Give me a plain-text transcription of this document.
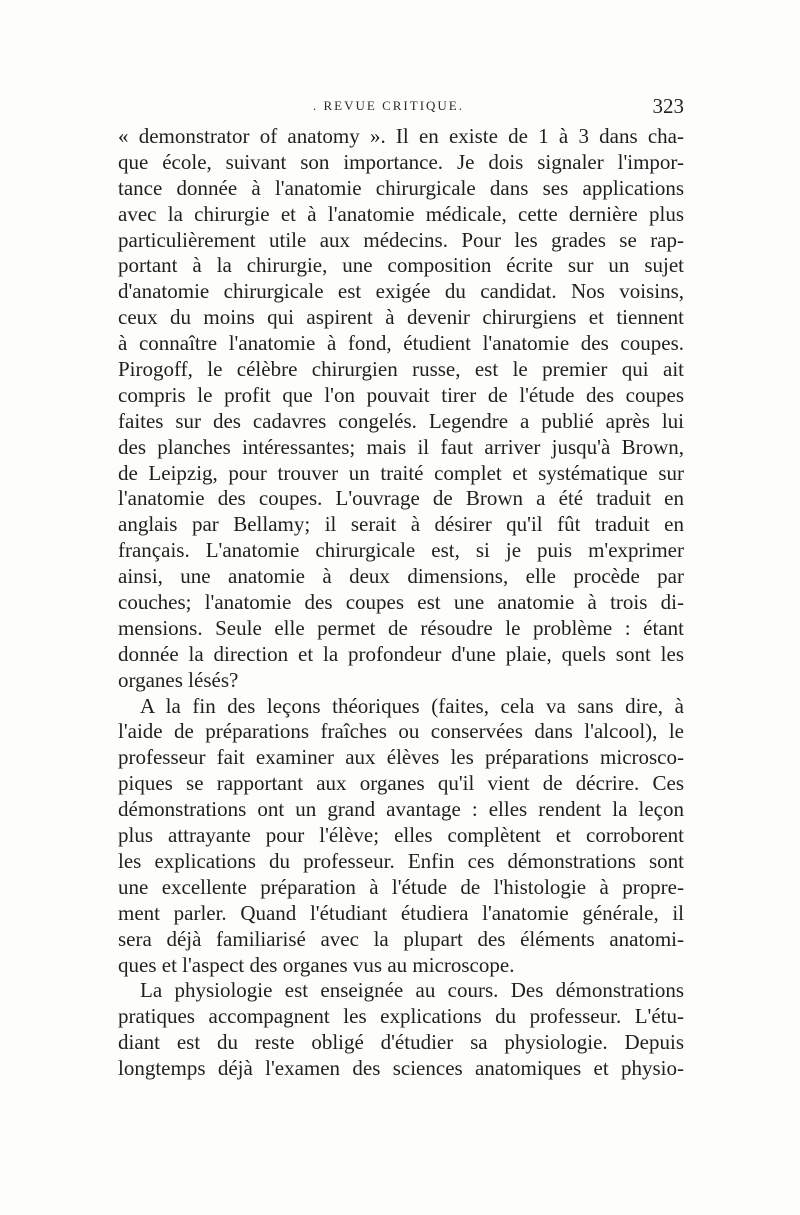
. REVUE CRITIQUE.	323
« demonstrator of anatomy ». Il en existe de 1 à 3 dans cha-
que école, suivant son importance. Je dois signaler l'impor-
tance donnée à l'anatomie chirurgicale dans ses applications
avec la chirurgie et à l'anatomie médicale, cette dernière plus
particulièrement utile aux médecins. Pour les grades se rap-
portant à la chirurgie, une composition écrite sur un sujet
d'anatomie chirurgicale est exigée du candidat. Nos voisins,
ceux du moins qui aspirent à devenir chirurgiens et tiennent
à connaître l'anatomie à fond, étudient l'anatomie des coupes.
Pirogoff, le célèbre chirurgien russe, est le premier qui ait
compris le profit que l'on pouvait tirer de l'étude des coupes
faites sur des cadavres congelés. Legendre a publié après lui
des planches intéressantes; mais il faut arriver jusqu'à Brown,
de Leipzig, pour trouver un traité complet et systématique sur
l'anatomie des coupes. L'ouvrage de Brown a été traduit en
anglais par Bellamy; il serait à désirer qu'il fût traduit en
français. L'anatomie chirurgicale est, si je puis m'exprimer
ainsi, une anatomie à deux dimensions, elle procède par
couches; l'anatomie des coupes est une anatomie à trois di-
mensions. Seule elle permet de résoudre le problème : étant
donnée la direction et la profondeur d'une plaie, quels sont les
organes lésés?
A la fin des leçons théoriques (faites, cela va sans dire, à
l'aide de préparations fraîches ou conservées dans l'alcool), le
professeur fait examiner aux élèves les préparations microsco-
piques se rapportant aux organes qu'il vient de décrire. Ces
démonstrations ont un grand avantage : elles rendent la leçon
plus attrayante pour l'élève; elles complètent et corroborent
les explications du professeur. Enfin ces démonstrations sont
une excellente préparation à l'étude de l'histologie à propre-
ment parler. Quand l'étudiant étudiera l'anatomie générale, il
sera déjà familiarisé avec la plupart des éléments anatomi-
ques et l'aspect des organes vus au microscope.
La physiologie est enseignée au cours. Des démonstrations
pratiques accompagnent les explications du professeur. L'étu-
diant est du reste obligé d'étudier sa physiologie. Depuis
longtemps déjà l'examen des sciences anatomiques et physio-
